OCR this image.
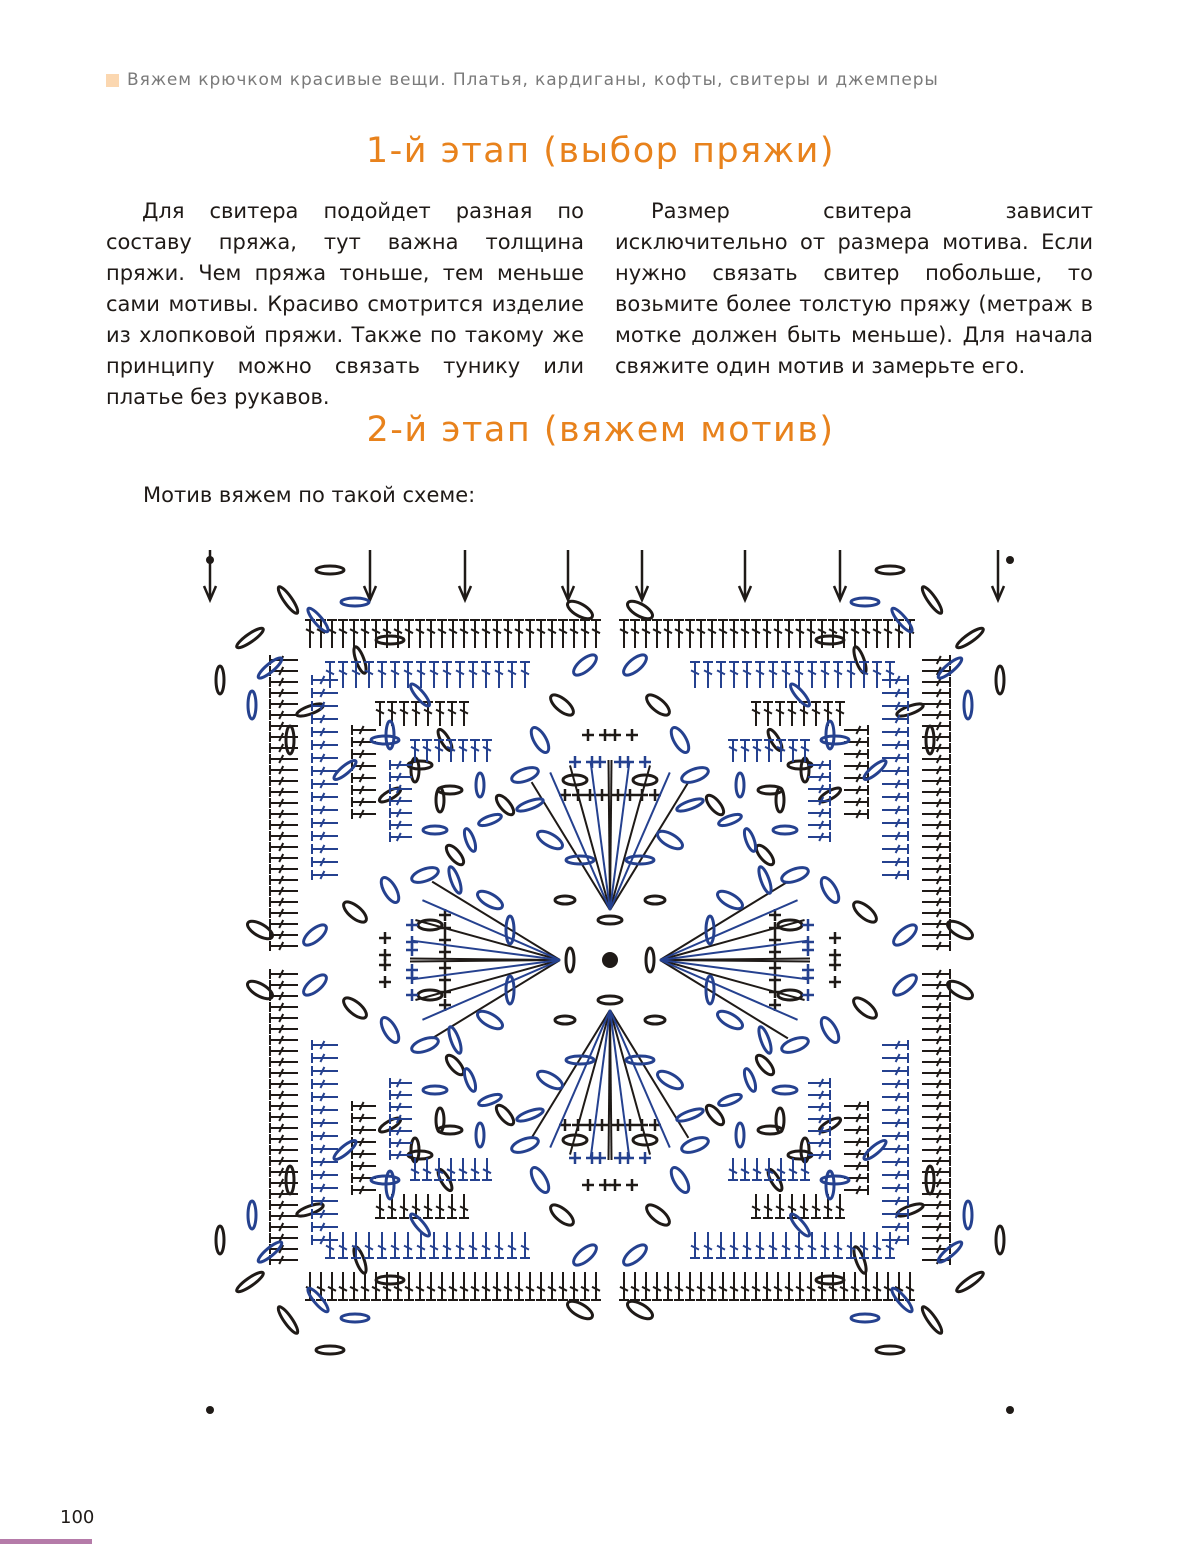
Вяжем крючком красивые вещи. Платья, кардиганы, кофты, свитеры и джемперы
1-й этап (выбор пряжи)

Для свитера подойдет разная по составу пряжа, тут важна толщина пряжи. Чем пряжа тоньше, тем меньше сами мотивы. Красиво смотрится изделие из хлопковой пряжи. Также по такому же принципу можно связать тунику или платье без рукавов.

Размер свитера зависит исключительно от размера мотива. Если нужно связать свитер побольше, то возьмите более толстую пряжу (метраж в мотке должен быть меньше). Для начала свяжите один мотив и замерьте его.

2-й этап (вяжем мотив)
Мотив вяжем по такой схеме:
100
